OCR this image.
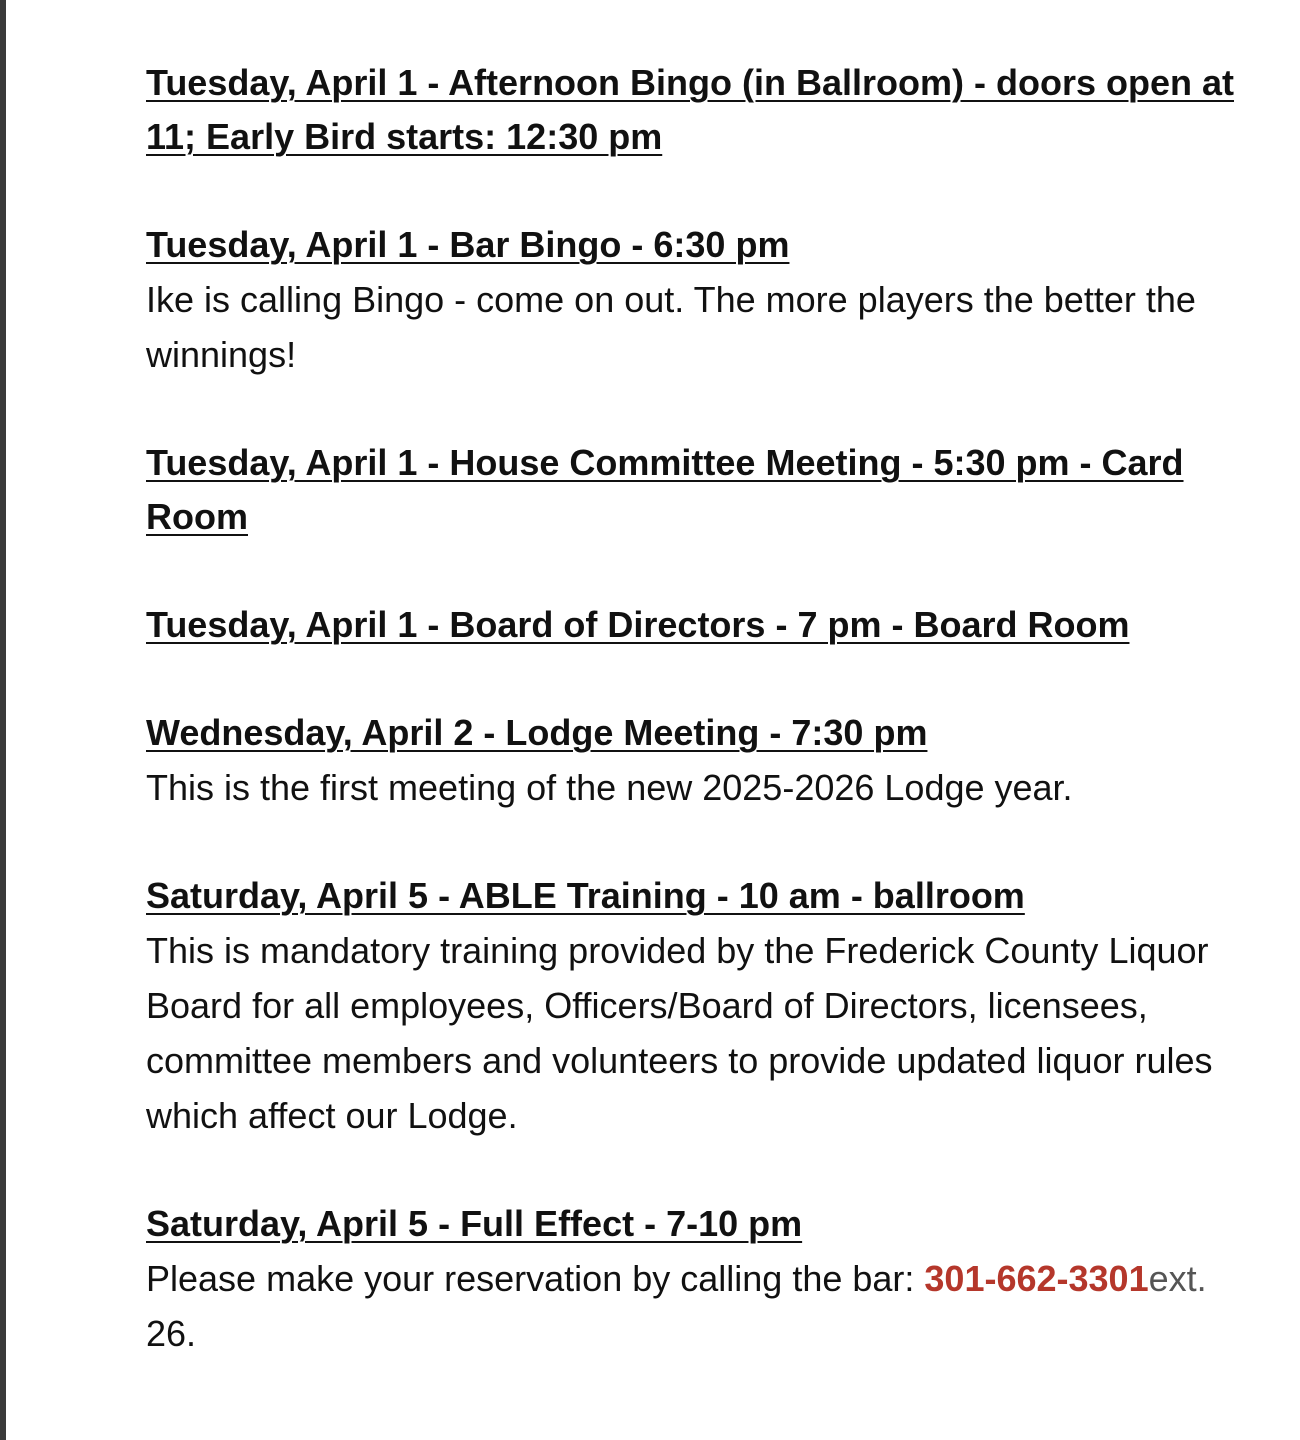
Tuesday, April 1 - Afternoon Bingo (in Ballroom) - doors open at 11; Early Bird starts: 12:30 pm

Tuesday, April 1 - Bar Bingo - 6:30 pm

Ike is calling Bingo - come on out. The more players the better the winnings!

Tuesday, April 1 - House Committee Meeting - 5:30 pm - Card Room

Tuesday, April 1 - Board of Directors - 7 pm - Board Room

Wednesday, April 2 - Lodge Meeting - 7:30 pm

This is the first meeting of the new 2025-2026 Lodge year.

Saturday, April 5 - ABLE Training - 10 am - ballroom

This is mandatory training provided by the Frederick County Liquor Board for all employees, Officers/Board of Directors, licensees, committee members and volunteers to provide updated liquor rules which affect our Lodge.

Saturday, April 5 - Full Effect - 7-10 pm

Please make your reservation by calling the bar: 301-662-3301ext. 26.
